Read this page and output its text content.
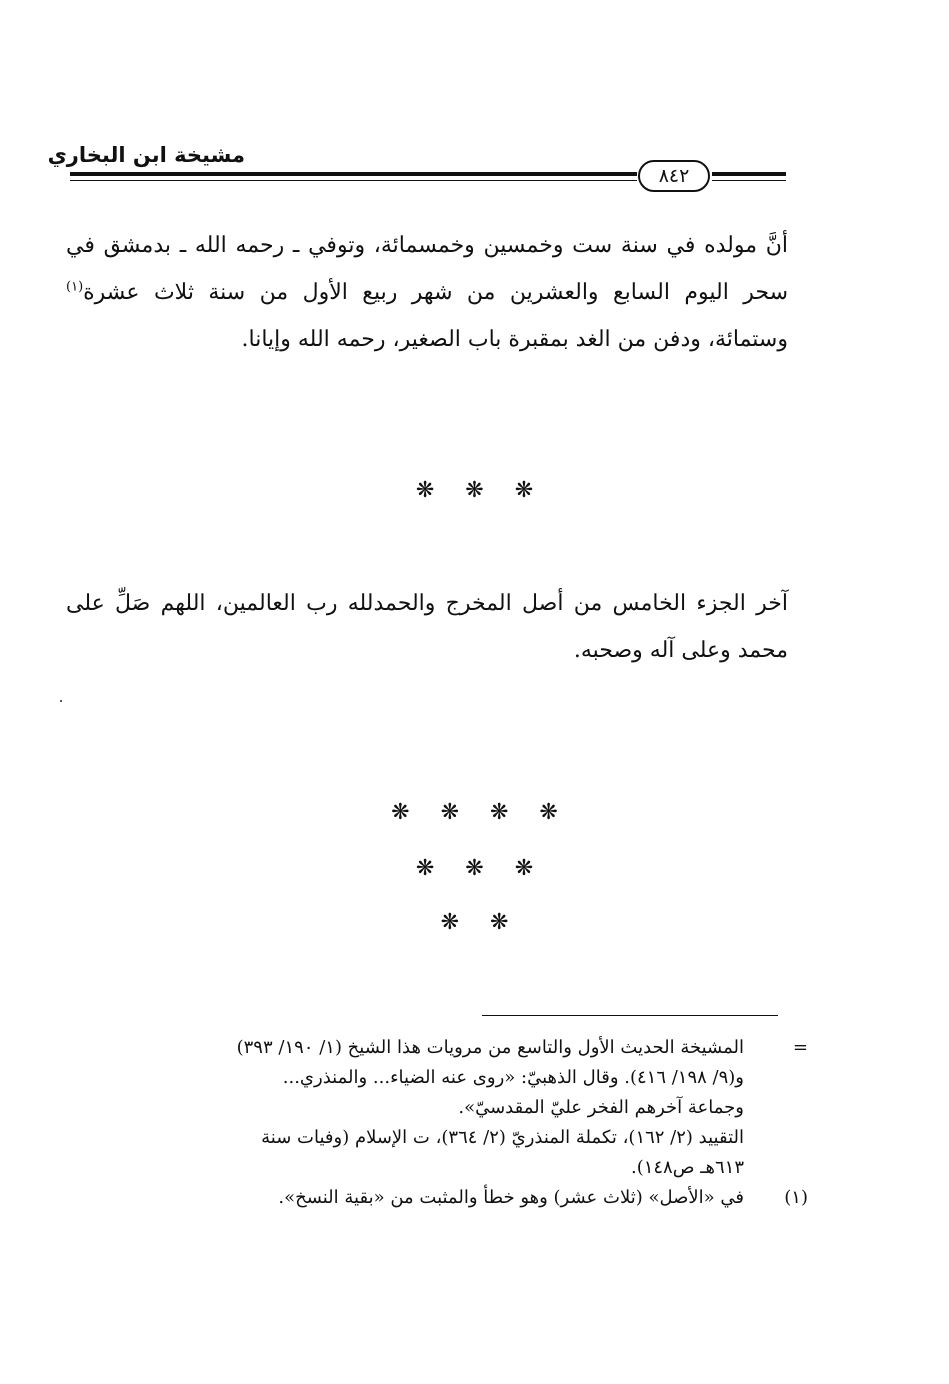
مشيخة ابن البخاري
٨٤٢

أنَّ مولده في سنة ست وخمسين وخمسمائة، وتوفي ـ رحمه الله ـ بدمشق في سحر اليوم السابع والعشرين من شهر ربيع الأول من سنة ثلاث عشرة$^{(١)}$ وستمائة، ودفن من الغد بمقبرة باب الصغير، رحمه الله وإيانا.

❋ ❋ ❋

آخر الجزء الخامس من أصل المخرج والحمدلله رب العالمين، اللهم صَلِّ على محمد وعلى آله وصحبه.

❋ ❋ ❋ ❋
❋ ❋ ❋
❋ ❋
=
المشيخة الحديث الأول والتاسع من مرويات هذا الشيخ (١/ ١٩٠/ ٣٩٣)
و(٩/ ١٩٨/ ٤١٦). وقال الذهبيّ: «روى عنه الضياء... والمنذري...
وجماعة آخرهم الفخر عليّ المقدسيّ».
التقييد (٢/ ١٦٢)، تكملة المنذريّ (٢/ ٣٦٤)، ت الإسلام (وفيات سنة
٦١٣هـ ص١٤٨).
(١)
في «الأصل» (ثلاث عشر) وهو خطأ والمثبت من «بقية النسخ».
